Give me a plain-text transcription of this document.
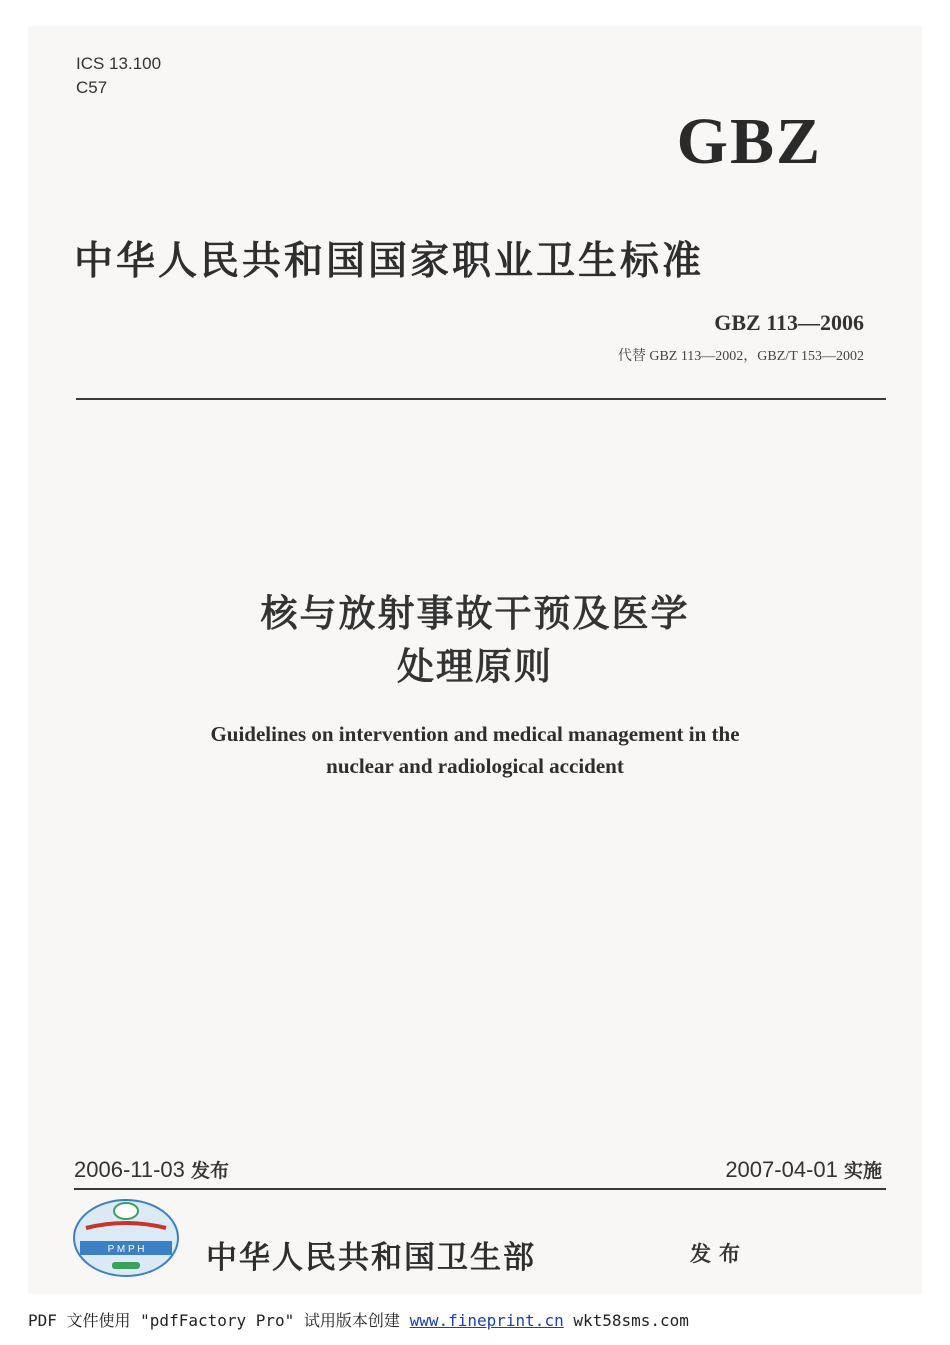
ICS 13.100
C57
GBZ
中华人民共和国国家职业卫生标准
GBZ 113—2006
代替 GBZ 113—2002，GBZ/T 153—2002
核与放射事故干预及医学
处理原则
Guidelines on intervention and medical management in the
nuclear and radiological accident
2006-11-03 发布	2007-04-01 实施
P M P H 中华人民共和国卫生部	发布
PDF 文件使用 "pdfFactory Pro" 试用版本创建 www.fineprint.cn wkt58sms.com
